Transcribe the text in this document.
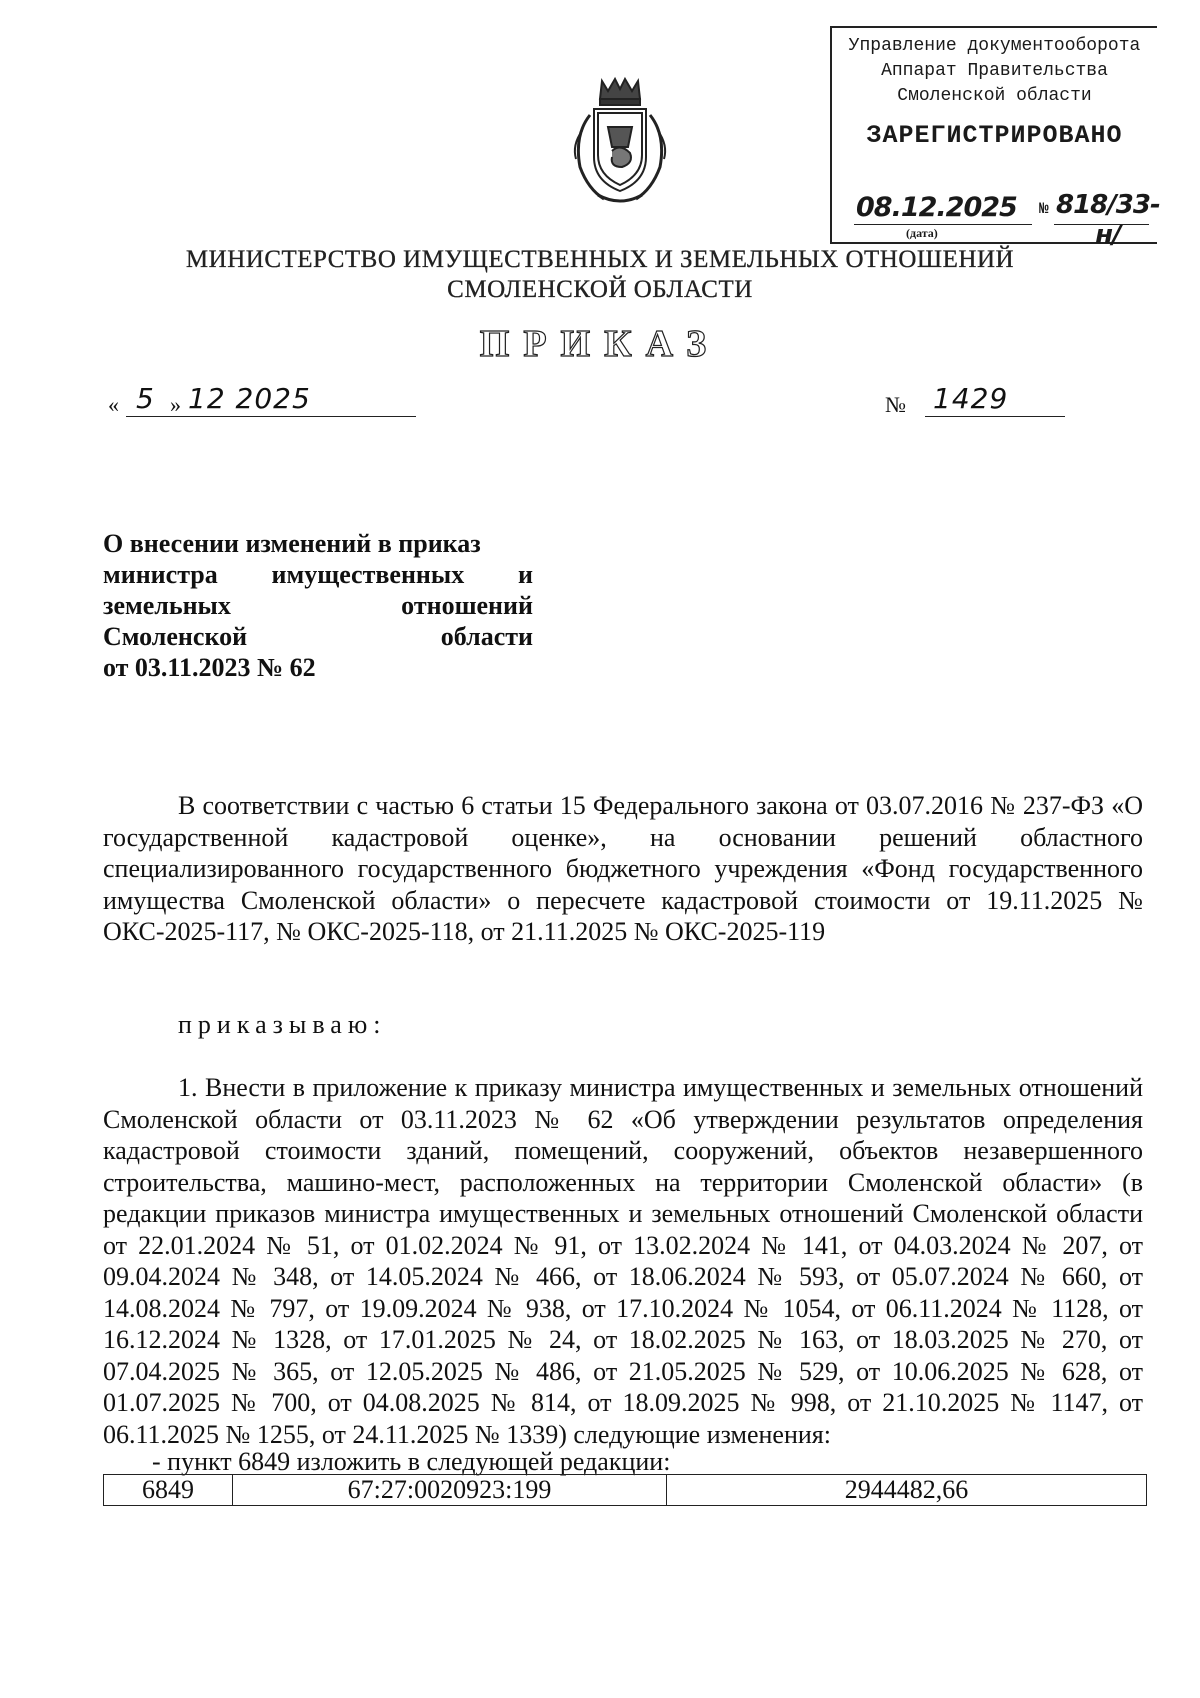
Управление документооборота
Аппарат Правительства
Смоленской области
ЗАРЕГИСТРИРОВАНО
08.12.2025
(дата)
№ 818/33-н/
МИНИСТЕРСТВО ИМУЩЕСТВЕННЫХ И ЗЕМЕЛЬНЫХ ОТНОШЕНИЙ
СМОЛЕНСКОЙ ОБЛАСТИ
ПРИКАЗ
« 5 » 12 2025	№ 1429
О внесении изменений в приказ
министра имущественных и
земельных	отношений
Смоленской	области
от 03.11.2023 № 62
В соответствии с частью 6 статьи 15 Федерального закона от 03.07.2016 № 237-ФЗ «О государственной кадастровой оценке», на основании решений областного специализированного государственного бюджетного учреждения «Фонд государственного имущества Смоленской области» о пересчете кадастровой стоимости от 19.11.2025 № ОКС-2025-117, № ОКС-2025-118, от 21.11.2025 № ОКС-2025-119
приказываю:
1. Внести в приложение к приказу министра имущественных и земельных отношений Смоленской области от 03.11.2023 № 62 «Об утверждении результатов определения кадастровой стоимости зданий, помещений, сооружений, объектов незавершенного строительства, машино-мест, расположенных на территории Смоленской области» (в редакции приказов министра имущественных и земельных отношений Смоленской области от 22.01.2024 № 51, от 01.02.2024 № 91, от 13.02.2024 № 141, от 04.03.2024 № 207, от 09.04.2024 № 348, от 14.05.2024 № 466, от 18.06.2024 № 593, от 05.07.2024 № 660, от 14.08.2024 № 797, от 19.09.2024 № 938, от 17.10.2024 № 1054, от 06.11.2024 № 1128, от 16.12.2024 № 1328, от 17.01.2025 № 24, от 18.02.2025 № 163, от 18.03.2025 № 270, от 07.04.2025 № 365, от 12.05.2025 № 486, от 21.05.2025 № 529, от 10.06.2025 № 628, от 01.07.2025 № 700, от 04.08.2025 № 814, от 18.09.2025 № 998, от 21.10.2025 № 1147, от 06.11.2025 № 1255, от 24.11.2025 № 1339) следующие изменения:
- пункт 6849 изложить в следующей редакции:
6849	67:27:0020923:199	2944482,66
